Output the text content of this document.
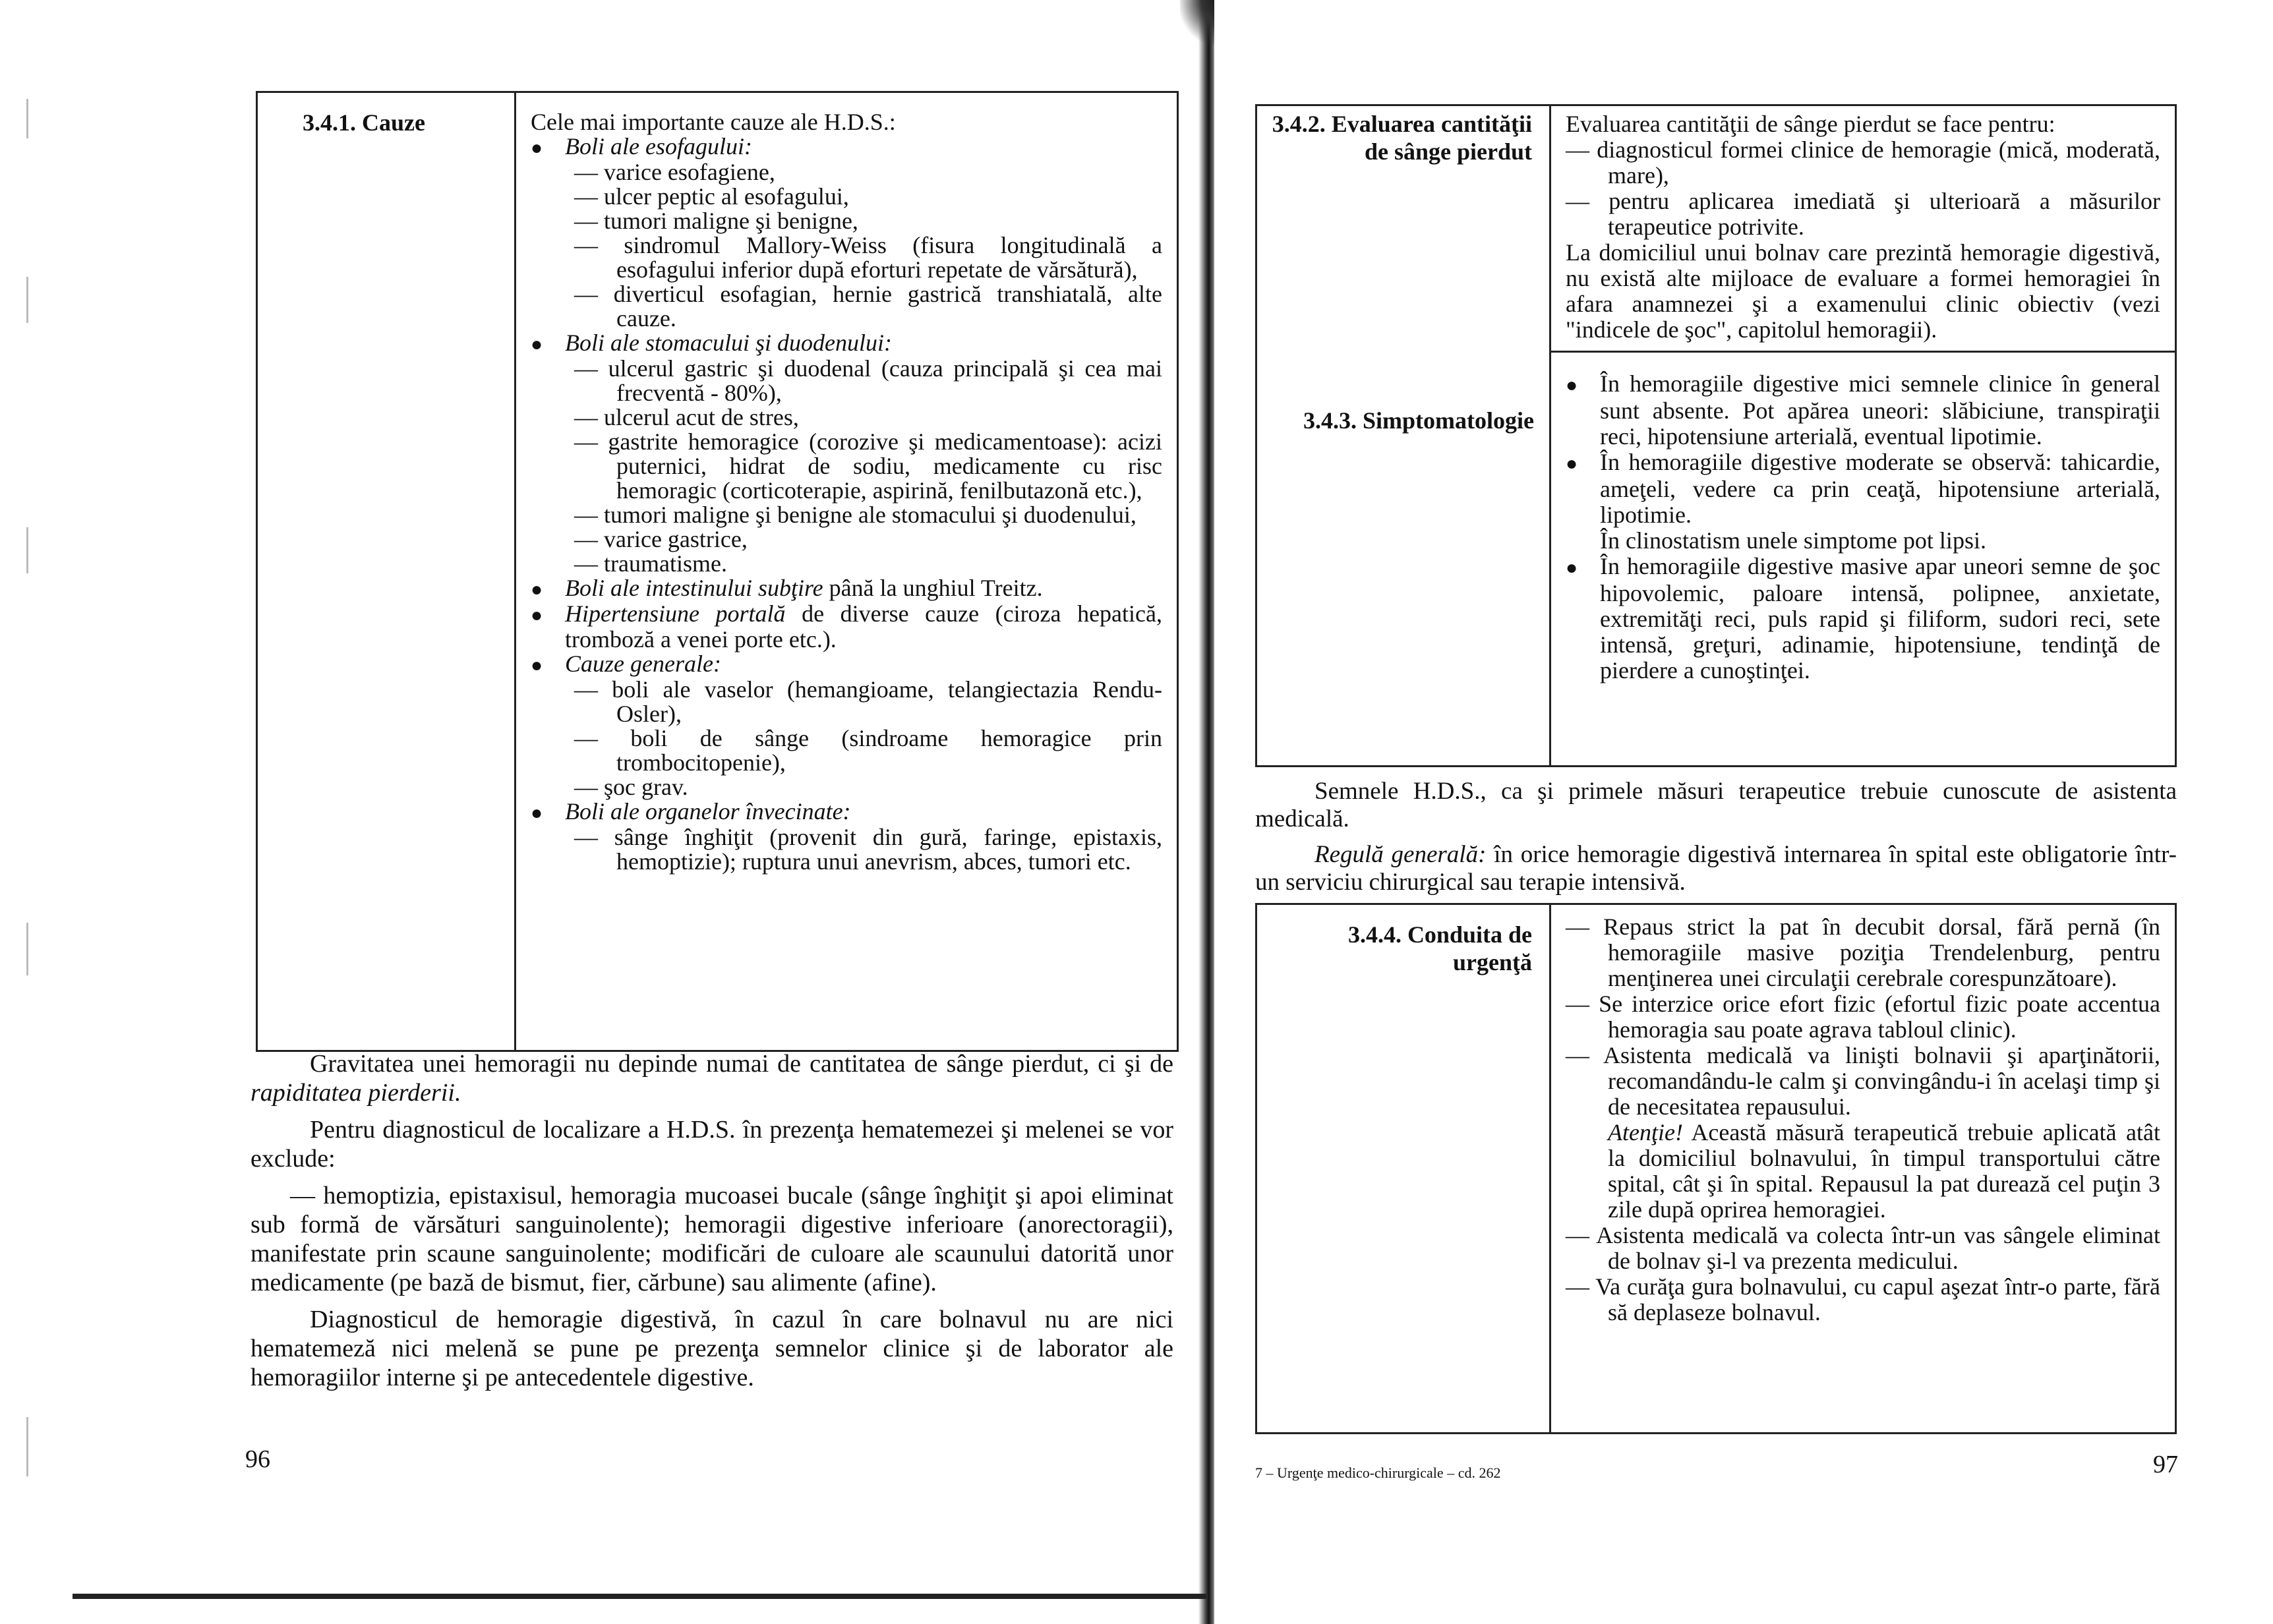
3.4.1. Cauze	Cele mai importante cauze ale H.D.S.:
● Boli ale esofagului:
— varice esofagiene,
— ulcer peptic al esofagului,
— tumori maligne şi benigne,
— sindromul Mallory-Weiss (fisura longitudinală a esofagului inferior după eforturi repetate de vărsătură),
— diverticul esofagian, hernie gastrică transhiatală, alte cauze.
● Boli ale stomacului şi duodenului:
— ulcerul gastric şi duodenal (cauza principală şi cea mai frecventă - 80%),
— ulcerul acut de stres,
— gastrite hemoragice (corozive şi medicamentoase): acizi puternici, hidrat de sodiu, medicamente cu risc hemoragic (corticoterapie, aspirină, fenilbutazonă etc.),
— tumori maligne şi benigne ale stomacului şi duodenului,
— varice gastrice,
— traumatisme.
● Boli ale intestinului subţire până la unghiul Treitz.
● Hipertensiune portală de diverse cauze (ciroza hepatică, tromboză a venei porte etc.).
● Cauze generale:
— boli ale vaselor (hemangioame, telangiectazia Rendu-Osler),
— boli de sânge (sindroame hemoragice prin trombocitopenie),
— şoc grav.
● Boli ale organelor învecinate:
— sânge înghiţit (provenit din gură, faringe, epistaxis, hemoptizie); ruptura unui anevrism, abces, tumori etc.

Gravitatea unei hemoragii nu depinde numai de cantitatea de sânge pierdut, ci şi de rapiditatea pierderii.

Pentru diagnosticul de localizare a H.D.S. în prezenţa hematemezei şi melenei se vor exclude:

— hemoptizia, epistaxisul, hemoragia mucoasei bucale (sânge înghiţit şi apoi eliminat sub formă de vărsături sanguinolente); hemoragii digestive inferioare (anorectoragii), manifestate prin scaune sanguinolente; modificări de culoare ale scaunului datorită unor medicamente (pe bază de bismut, fier, cărbune) sau alimente (afine).

Diagnosticul de hemoragie digestivă, în cazul în care bolnavul nu are nici hematemeză nici melenă se pune pe prezenţa semnelor clinice şi de laborator ale hemoragiilor interne şi pe antecedentele digestive.

96
3.4.2. Evaluarea cantităţii de sânge pierdut
3.4.3. Simptomatologie
Evaluarea cantităţii de sânge pierdut se face pentru:
— diagnosticul formei clinice de hemoragie (mică, moderată, mare),
— pentru aplicarea imediată şi ulterioară a măsurilor terapeutice potrivite.
La domiciliul unui bolnav care prezintă hemoragie digestivă, nu există alte mijloace de evaluare a formei hemoragiei în afara anamnezei şi a examenului clinic obiectiv (vezi "indicele de şoc", capitolul hemoragii).
● În hemoragiile digestive mici semnele clinice în general sunt absente. Pot apărea uneori: slăbiciune, transpiraţii reci, hipotensiune arterială, eventual lipotimie.
● În hemoragiile digestive moderate se observă: tahicardie, ameţeli, vedere ca prin ceaţă, hipotensiune arterială, lipotimie.
În clinostatism unele simptome pot lipsi.
● În hemoragiile digestive masive apar uneori semne de şoc hipovolemic, paloare intensă, polipnee, anxietate, extremităţi reci, puls rapid şi filiform, sudori reci, sete intensă, greţuri, adinamie, hipotensiune, tendinţă de pierdere a cunoştinţei.

Semnele H.D.S., ca şi primele măsuri terapeutice trebuie cunoscute de asistenta medicală.

Regulă generală: în orice hemoragie digestivă internarea în spital este obligatorie într-un serviciu chirurgical sau terapie intensivă.

3.4.4. Conduita de urgenţă
— Repaus strict la pat în decubit dorsal, fără pernă (în hemoragiile masive poziţia Trendelenburg, pentru menţinerea unei circulaţii cerebrale corespunzătoare).
— Se interzice orice efort fizic (efortul fizic poate accentua hemoragia sau poate agrava tabloul clinic).
— Asistenta medicală va linişti bolnavii şi aparţinătorii, recomandându-le calm şi convingându-i în acelaşi timp şi de necesitatea repausului.
Atenţie! Această măsură terapeutică trebuie aplicată atât la domiciliul bolnavului, în timpul transportului către spital, cât şi în spital. Repausul la pat durează cel puţin 3 zile după oprirea hemoragiei.
— Asistenta medicală va colecta într-un vas sângele eliminat de bolnav şi-l va prezenta medicului.
— Va curăţa gura bolnavului, cu capul aşezat într-o parte, fără să deplaseze bolnavul.
7 – Urgenţe medico-chirurgicale – cd. 262	97
